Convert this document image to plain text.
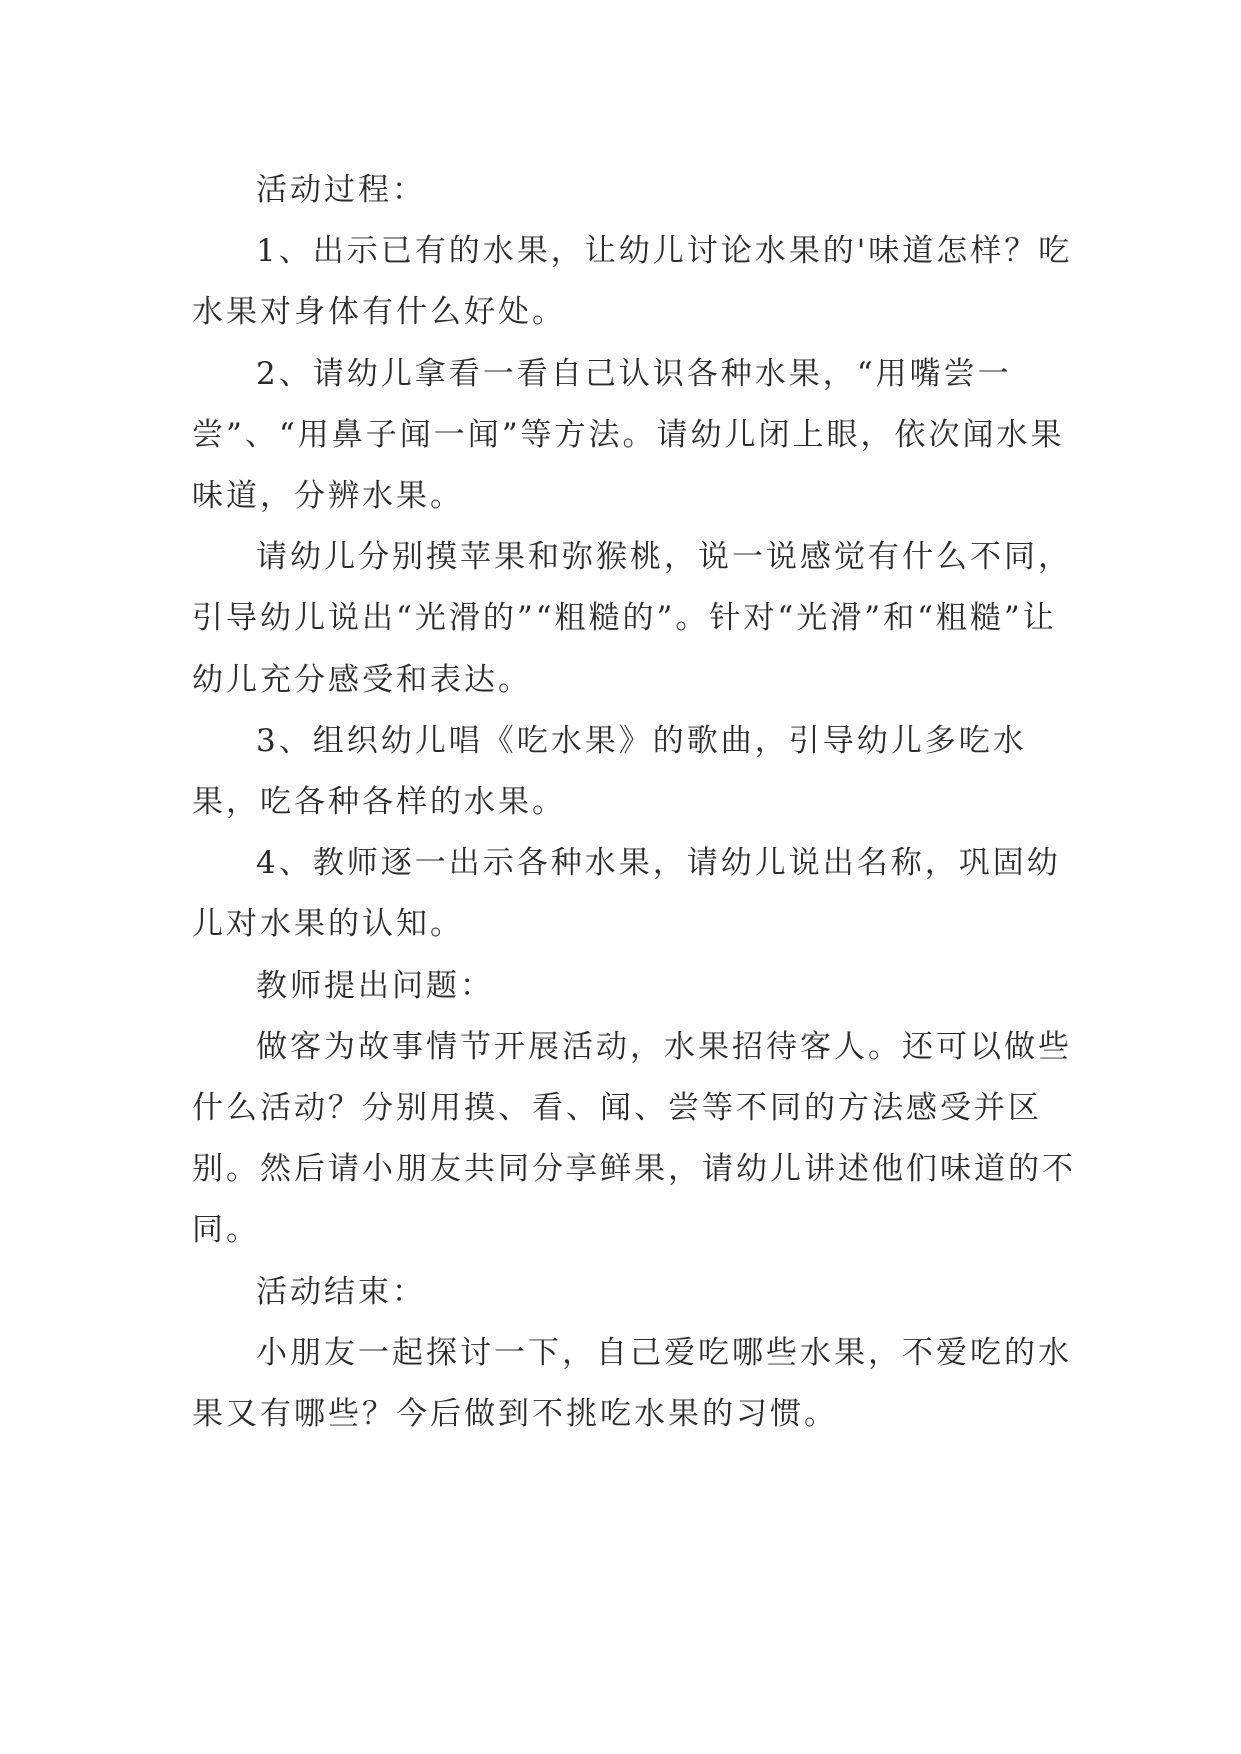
活动过程：

1、出示已有的水果，让幼儿讨论水果的'味道怎样？吃水果对身体有什么好处。

2、请幼儿拿看一看自己认识各种水果，“用嘴尝一尝”、“用鼻子闻一闻”等方法。请幼儿闭上眼，依次闻水果味道，分辨水果。

请幼儿分别摸苹果和弥猴桃，说一说感觉有什么不同，引导幼儿说出“光滑的”“粗糙的”。针对“光滑”和“粗糙”让幼儿充分感受和表达。

3、组织幼儿唱《吃水果》的歌曲，引导幼儿多吃水果，吃各种各样的水果。

4、教师逐一出示各种水果，请幼儿说出名称，巩固幼儿对水果的认知。

教师提出问题：

做客为故事情节开展活动，水果招待客人。还可以做些什么活动？分别用摸、看、闻、尝等不同的方法感受并区别。然后请小朋友共同分享鲜果，请幼儿讲述他们味道的不同。

活动结束：

小朋友一起探讨一下，自己爱吃哪些水果，不爱吃的水果又有哪些？今后做到不挑吃水果的习惯。
